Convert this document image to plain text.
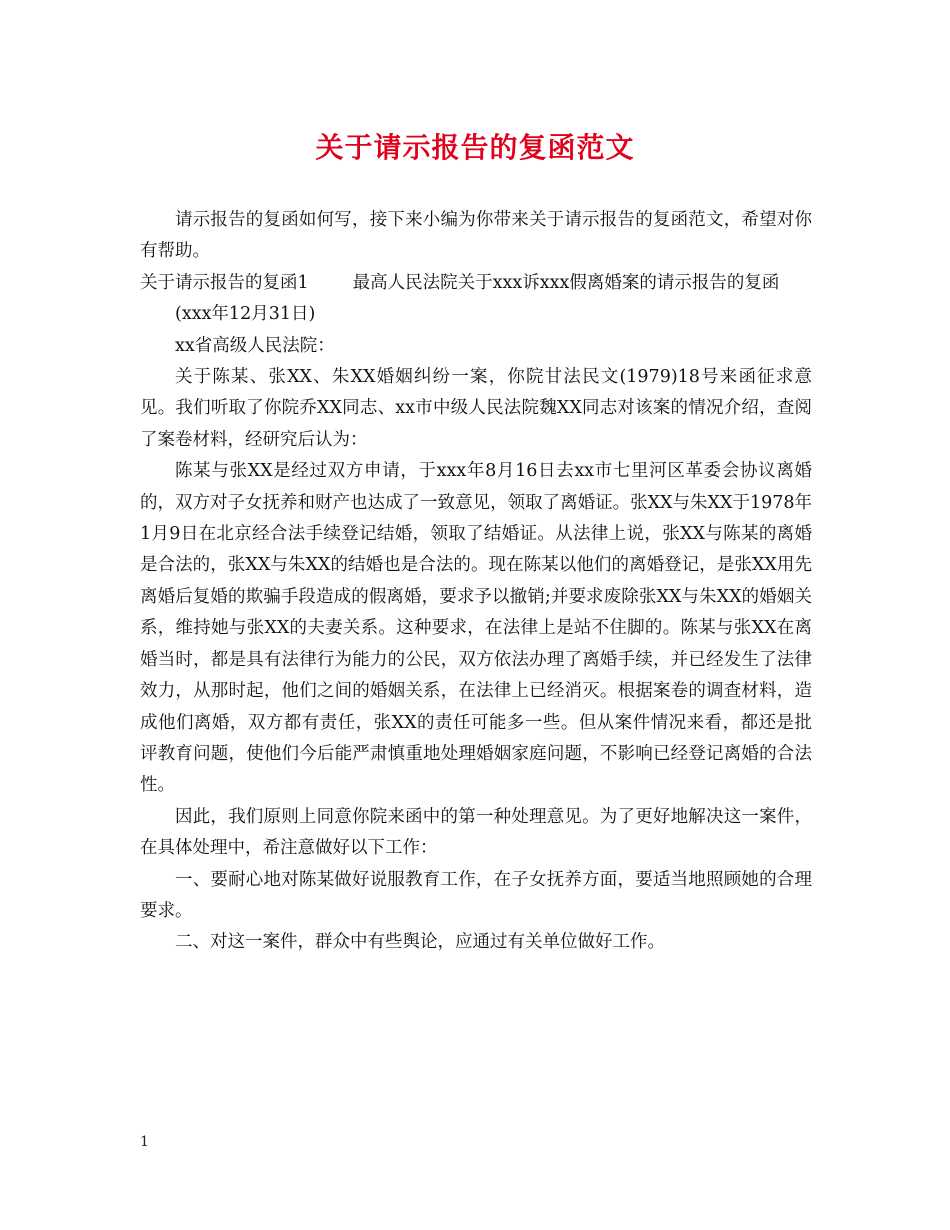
关于请示报告的复函范文

请示报告的复函如何写，接下来小编为你带来关于请示报告的复函范文，希望对你有帮助。

关于请示报告的复函1	最高人民法院关于xxx诉xxx假离婚案的请示报告的复函

(xxx年12月31日)

xx省高级人民法院：

关于陈某、张XX、朱XX婚姻纠纷一案，你院甘法民文(1979)18号来函征求意见。我们听取了你院乔XX同志、xx市中级人民法院魏XX同志对该案的情况介绍，查阅了案卷材料，经研究后认为：

陈某与张XX是经过双方申请，于xxx年8月16日去xx市七里河区革委会协议离婚的，双方对子女抚养和财产也达成了一致意见，领取了离婚证。张XX与朱XX于1978年1月9日在北京经合法手续登记结婚，领取了结婚证。从法律上说，张XX与陈某的离婚是合法的，张XX与朱XX的结婚也是合法的。现在陈某以他们的离婚登记，是张XX用先离婚后复婚的欺骗手段造成的假离婚，要求予以撤销;并要求废除张XX与朱XX的婚姻关系，维持她与张XX的夫妻关系。这种要求，在法律上是站不住脚的。陈某与张XX在离婚当时，都是具有法律行为能力的公民，双方依法办理了离婚手续，并已经发生了法律效力，从那时起，他们之间的婚姻关系，在法律上已经消灭。根据案卷的调查材料，造成他们离婚，双方都有责任，张XX的责任可能多一些。但从案件情况来看，都还是批评教育问题，使他们今后能严肃慎重地处理婚姻家庭问题，不影响已经登记离婚的合法性。

因此，我们原则上同意你院来函中的第一种处理意见。为了更好地解决这一案件，在具体处理中，希注意做好以下工作：

一、要耐心地对陈某做好说服教育工作，在子女抚养方面，要适当地照顾她的合理要求。

二、对这一案件，群众中有些舆论，应通过有关单位做好工作。

1
